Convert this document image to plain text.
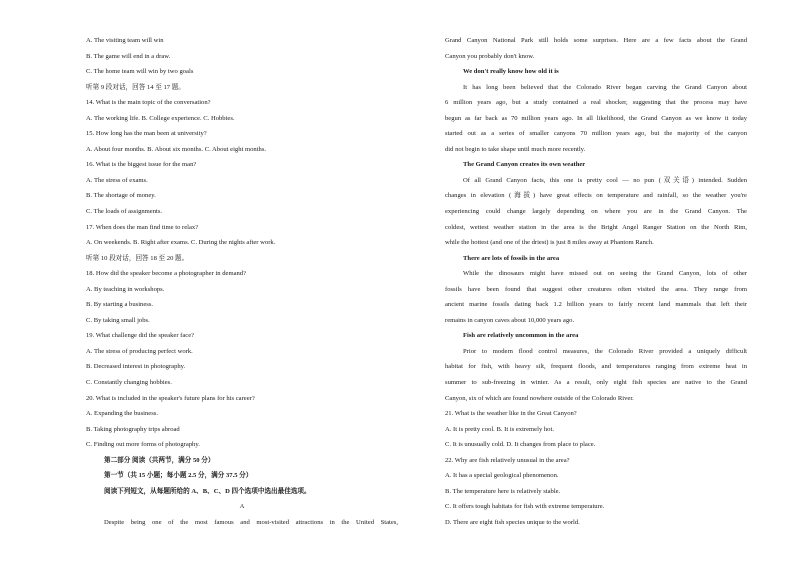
A. The visiting team will win
B. The game will end in a draw.
C. The home team will win by two goals
听第 9 段对话，回答 14 至 17 题。
14. What is the main topic of the conversation?
A. The working life. B. College experience. C. Hobbies.
15. How long has the man been at university?
A. About four months. B. About six months. C. About eight months.
16. What is the biggest issue for the man?
A. The stress of exams.
B. The shortage of money.
C. The loads of assignments.
17. When does the man find time to relax?
A. On weekends. B. Right after exams. C. During the nights after work.
听第 10 段对话，回答 18 至 20 题。
18. How did the speaker become a photographer in demand?
A. By teaching in workshops.
B. By starting a business.
C. By taking small jobs.
19. What challenge did the speaker face?
A. The stress of producing perfect work.
B. Decreased interest in photography.
C. Constantly changing hobbies.
20. What is included in the speaker's future plans for his career?
A. Expanding the business.
B. Taking photography trips abroad
C. Finding out more forms of photography.
第二部分 阅读（共两节，满分 50 分）
第一节（共 15 小题；每小题 2.5 分，满分 37.5 分）
阅读下列短文，从每题所给的 A、B、C、D 四个选项中选出最佳选项。
A
Despite being one of the most famous and most-visited attractions in the United States,
Grand Canyon National Park still holds some surprises. Here are a few facts about the Grand
Canyon you probably don't know.
We don't really know how old it is
It has long been believed that the Colorado River began carving the Grand Canyon about
6 million years ago, but a study contained a real shocker, suggesting that the process may have
begun as far back as 70 million years ago. In all likelihood, the Grand Canyon as we know it today
started out as a series of smaller canyons 70 million years ago, but the majority of the canyon
did not begin to take shape until much more recently.
The Grand Canyon creates its own weather
Of all Grand Canyon facts, this one is pretty cool — no pun (双关语) intended. Sudden
changes in elevation (海拔) have great effects on temperature and rainfall, so the weather you're
experiencing could change largely depending on where you are in the Grand Canyon. The
coldest, wettest weather station in the area is the Bright Angel Ranger Station on the North Rim,
while the hottest (and one of the driest) is just 8 miles away at Phantom Ranch.
There are lots of fossils in the area
While the dinosaurs might have missed out on seeing the Grand Canyon, lots of other
fossils have been found that suggest other creatures often visited the area. They range from
ancient marine fossils dating back 1.2 billion years to fairly recent land mammals that left their
remains in canyon caves about 10,000 years ago.
Fish are relatively uncommon in the area
Prior to modern flood control measures, the Colorado River provided a uniquely difficult
habitat for fish, with heavy silt, frequent floods, and temperatures ranging from extreme heat in
summer to sub-freezing in winter. As a result, only eight fish species are native to the Grand
Canyon, six of which are found nowhere outside of the Colorado River.
21. What is the weather like in the Great Canyon?
A. It is pretty cool. B. It is extremely hot.
C. It is unusually cold. D. It changes from place to place.
22. Why are fish relatively unusual in the area?
A. It has a special geological phenomenon.
B. The temperature here is relatively stable.
C. It offers tough habitats for fish with extreme temperature.
D. There are eight fish species unique to the world.
